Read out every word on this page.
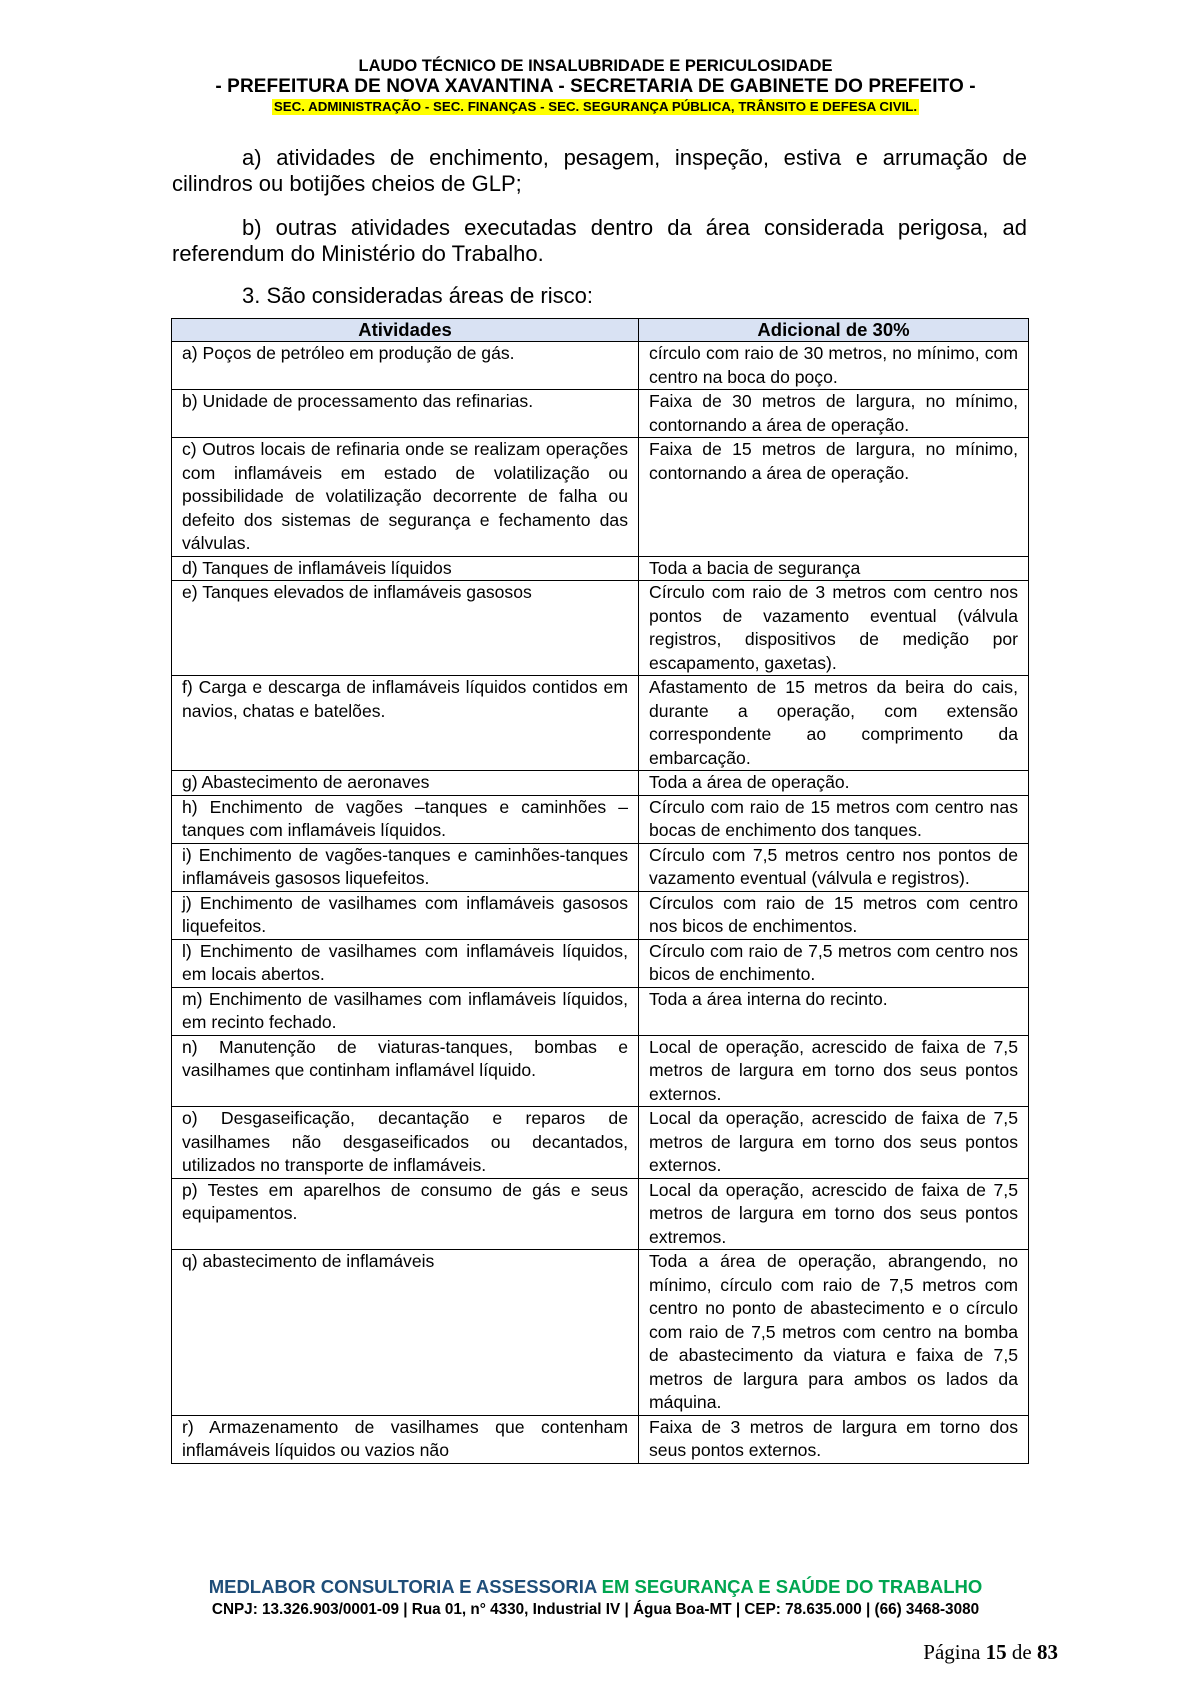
LAUDO TÉCNICO DE INSALUBRIDADE E PERICULOSIDADE
- PREFEITURA DE NOVA XAVANTINA - SECRETARIA DE GABINETE DO PREFEITO -
SEC. ADMINISTRAÇÃO - SEC. FINANÇAS - SEC. SEGURANÇA PÚBLICA, TRÂNSITO E DEFESA CIVIL.
a) atividades de enchimento, pesagem, inspeção, estiva e arrumação de cilindros ou botijões cheios de GLP;
b) outras atividades executadas dentro da área considerada perigosa, ad referendum do Ministério do Trabalho.
3. São consideradas áreas de risco:
Atividades	Adicional de 30%
a) Poços de petróleo em produção de gás.	círculo com raio de 30 metros, no mínimo, com centro na boca do poço.
b) Unidade de processamento das refinarias.	Faixa de 30 metros de largura, no mínimo, contornando a área de operação.
c) Outros locais de refinaria onde se realizam operações com inflamáveis em estado de volatilização ou possibilidade de volatilização decorrente de falha ou defeito dos sistemas de segurança e fechamento das válvulas.	Faixa de 15 metros de largura, no mínimo, contornando a área de operação.
d) Tanques de inflamáveis líquidos	Toda a bacia de segurança
e) Tanques elevados de inflamáveis gasosos	Círculo com raio de 3 metros com centro nos pontos de vazamento eventual (válvula registros, dispositivos de medição por escapamento, gaxetas).
f) Carga e descarga de inflamáveis líquidos contidos em navios, chatas e batelões.	Afastamento de 15 metros da beira do cais, durante a operação, com extensão correspondente ao comprimento da embarcação.
g) Abastecimento de aeronaves	Toda a área de operação.
h) Enchimento de vagões –tanques e caminhões –tanques com inflamáveis líquidos.	Círculo com raio de 15 metros com centro nas bocas de enchimento dos tanques.
i) Enchimento de vagões-tanques e caminhões-tanques inflamáveis gasosos liquefeitos.	Círculo com 7,5 metros centro nos pontos de vazamento eventual (válvula e registros).
j) Enchimento de vasilhames com inflamáveis gasosos liquefeitos.	Círculos com raio de 15 metros com centro nos bicos de enchimentos.
l) Enchimento de vasilhames com inflamáveis líquidos, em locais abertos.	Círculo com raio de 7,5 metros com centro nos bicos de enchimento.
m) Enchimento de vasilhames com inflamáveis líquidos, em recinto fechado.	Toda a área interna do recinto.
n) Manutenção de viaturas-tanques, bombas e vasilhames que continham inflamável líquido.	Local de operação, acrescido de faixa de 7,5 metros de largura em torno dos seus pontos externos.
o) Desgaseificação, decantação e reparos de vasilhames não desgaseificados ou decantados, utilizados no transporte de inflamáveis.	Local da operação, acrescido de faixa de 7,5 metros de largura em torno dos seus pontos externos.
p) Testes em aparelhos de consumo de gás e seus equipamentos.	Local da operação, acrescido de faixa de 7,5 metros de largura em torno dos seus pontos extremos.
q) abastecimento de inflamáveis	Toda a área de operação, abrangendo, no mínimo, círculo com raio de 7,5 metros com centro no ponto de abastecimento e o círculo com raio de 7,5 metros com centro na bomba de abastecimento da viatura e faixa de 7,5 metros de largura para ambos os lados da máquina.
r) Armazenamento de vasilhames que contenham inflamáveis líquidos ou vazios não	Faixa de 3 metros de largura em torno dos seus pontos externos.
MEDLABOR CONSULTORIA E ASSESSORIA EM SEGURANÇA E SAÚDE DO TRABALHO
CNPJ: 13.326.903/0001-09 | Rua 01, n° 4330, Industrial IV | Água Boa-MT | CEP: 78.635.000 | (66) 3468-3080
Página 15 de 83
